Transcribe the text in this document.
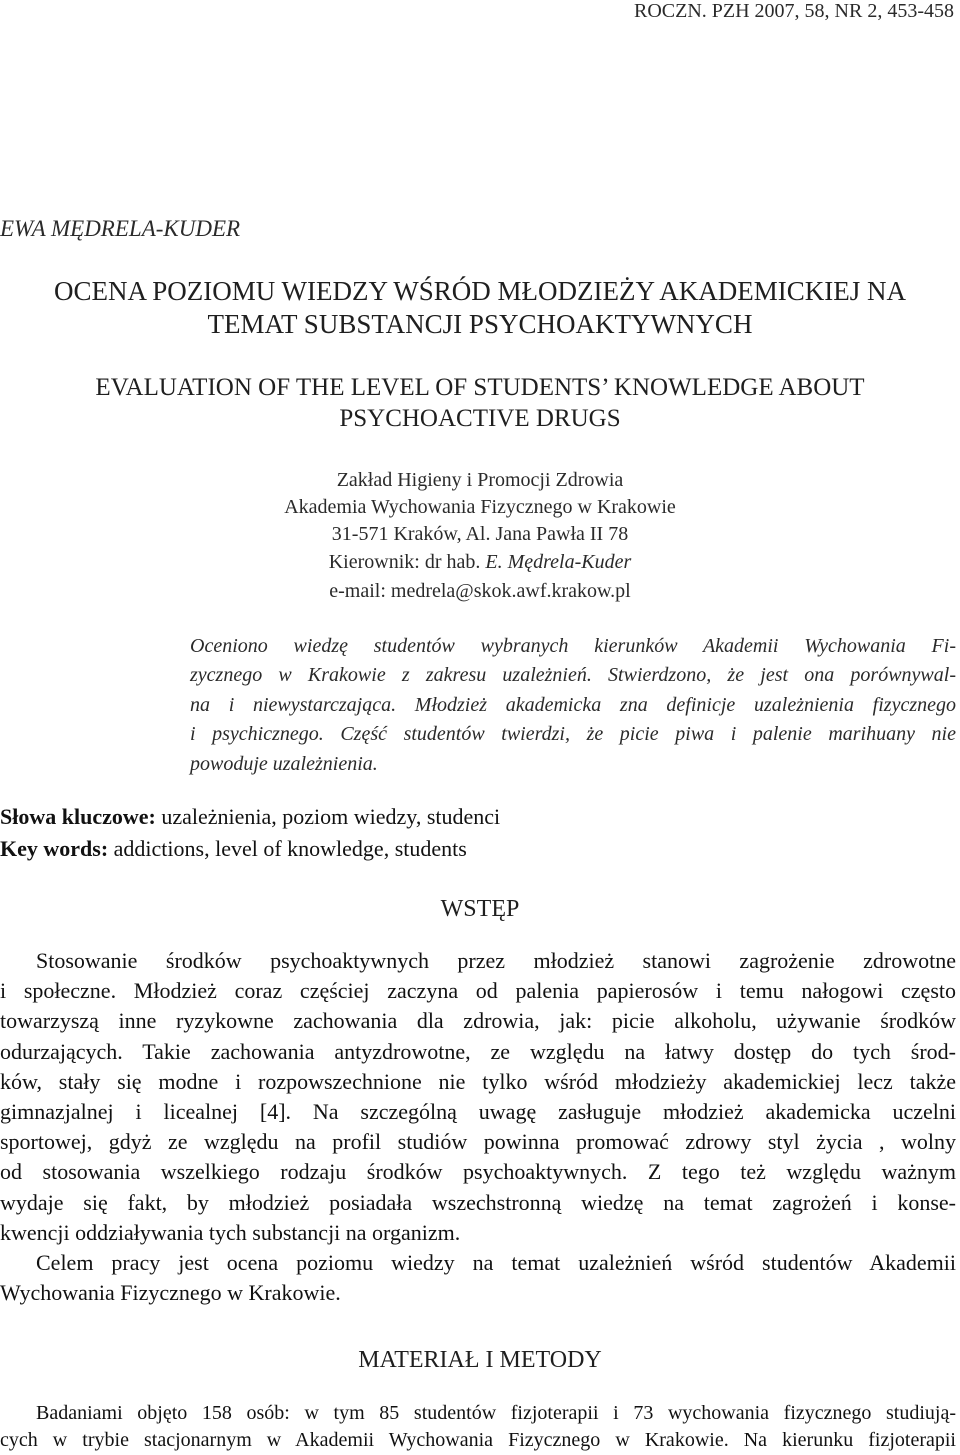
ROCZN. PZH 2007, 58, NR 2, 453-458
EWA MĘDRELA-KUDER
OCENA POZIOMU WIEDZY WŚRÓD MŁODZIEŻY AKADEMICKIEJ NA
TEMAT SUBSTANCJI PSYCHOAKTYWNYCH
EVALUATION OF THE LEVEL OF STUDENTS’ KNOWLEDGE ABOUT
PSYCHOACTIVE DRUGS
Zakład Higieny i Promocji Zdrowia
Akademia Wychowania Fizycznego w Krakowie
31-571 Kraków, Al. Jana Pawła II 78
Kierownik: dr hab. E. Mędrela-Kuder
e-mail: medrela@skok.awf.krakow.pl
Oceniono wiedzę studentów wybranych kierunków Akademii Wychowania Fi-
zycznego w Krakowie z zakresu uzależnień. Stwierdzono, że jest ona porównywal-
na i niewystarczająca. Młodzież akademicka zna definicje uzależnienia fizycznego
i psychicznego. Część studentów twierdzi, że picie piwa i palenie marihuany nie
powoduje uzależnienia.
Słowa kluczowe: uzależnienia, poziom wiedzy, studenci
Key words: addictions, level of knowledge, students
WSTĘP
Stosowanie środków psychoaktywnych przez młodzież stanowi zagrożenie zdrowotne
i społeczne. Młodzież coraz częściej zaczyna od palenia papierosów i temu nałogowi często
towarzyszą inne ryzykowne zachowania dla zdrowia, jak: picie alkoholu, używanie środków
odurzających. Takie zachowania antyzdrowotne, ze względu na łatwy dostęp do tych środ-
ków, stały się modne i rozpowszechnione nie tylko wśród młodzieży akademickiej lecz także
gimnazjalnej i licealnej [4]. Na szczególną uwagę zasługuje młodzież akademicka uczelni
sportowej, gdyż ze względu na profil studiów powinna promować zdrowy styl życia , wolny
od stosowania wszelkiego rodzaju środków psychoaktywnych. Z tego też względu ważnym
wydaje się fakt, by młodzież posiadała wszechstronną wiedzę na temat zagrożeń i konse-
kwencji oddziaływania tych substancji na organizm.
Celem pracy jest ocena poziomu wiedzy na temat uzależnień wśród studentów Akademii
Wychowania Fizycznego w Krakowie.
MATERIAŁ I METODY
Badaniami objęto 158 osób: w tym 85 studentów fizjoterapii i 73 wychowania fizycznego studiują-
cych w trybie stacjonarnym w Akademii Wychowania Fizycznego w Krakowie. Na kierunku fizjoterapii
